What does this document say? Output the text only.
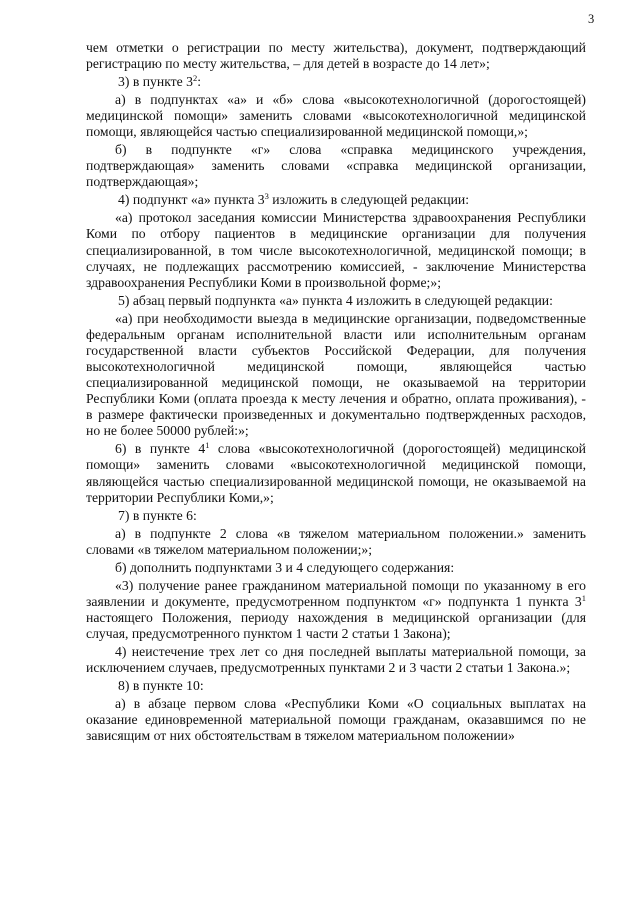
3

чем отметки о регистрации по месту жительства), документ, подтверждающий регистрацию по месту жительства, – для детей в возрасте до 14 лет»;

3) в пункте $3^2$:

а) в подпунктах «а» и «б» слова «высокотехнологичной (дорогостоящей) медицинской помощи» заменить словами «высокотехнологичной медицинской помощи, являющейся частью специализированной медицинской помощи,»;

б) в подпункте «г» слова «справка медицинского учреждения, подтверждающая» заменить словами «справка медицинской организации, подтверждающая»;

4) подпункт «а» пункта $3^3$ изложить в следующей редакции:

«а) протокол заседания комиссии Министерства здравоохранения Республики Коми по отбору пациентов в медицинские организации для получения специализированной, в том числе высокотехнологичной, медицинской помощи; в случаях, не подлежащих рассмотрению комиссией, - заключение Министерства здравоохранения Республики Коми в произвольной форме;»;

5) абзац первый подпункта «а» пункта 4 изложить в следующей редакции:

«а) при необходимости выезда в медицинские организации, подведомственные федеральным органам исполнительной власти или исполнительным органам государственной власти субъектов Российской Федерации, для получения высокотехнологичной медицинской помощи, являющейся частью специализированной медицинской помощи, не оказываемой на территории Республики Коми (оплата проезда к месту лечения и обратно, оплата проживания), - в размере фактически произведенных и документально подтвержденных расходов, но не более 50000 рублей:»;

6) в пункте $4^1$ слова «высокотехнологичной (дорогостоящей) медицинской помощи» заменить словами «высокотехнологичной медицинской помощи, являющейся частью специализированной медицинской помощи, не оказываемой на территории Республики Коми,»;

7) в пункте 6:

а) в подпункте 2 слова «в тяжелом материальном положении.» заменить словами «в тяжелом материальном положении;»;

б) дополнить подпунктами 3 и 4 следующего содержания:

«3) получение ранее гражданином материальной помощи по указанному в его заявлении и документе, предусмотренном подпунктом «г» подпункта 1 пункта $3^1$ настоящего Положения, периоду нахождения в медицинской организации (для случая, предусмотренного пунктом 1 части 2 статьи 1 Закона);

4) неистечение трех лет со дня последней выплаты материальной помощи, за исключением случаев, предусмотренных пунктами 2 и 3 части 2 статьи 1 Закона.»;

8) в пункте 10:

а) в абзаце первом слова «Республики Коми «О социальных выплатах на оказание единовременной материальной помощи гражданам, оказавшимся по не зависящим от них обстоятельствам в тяжелом материальном положении»
